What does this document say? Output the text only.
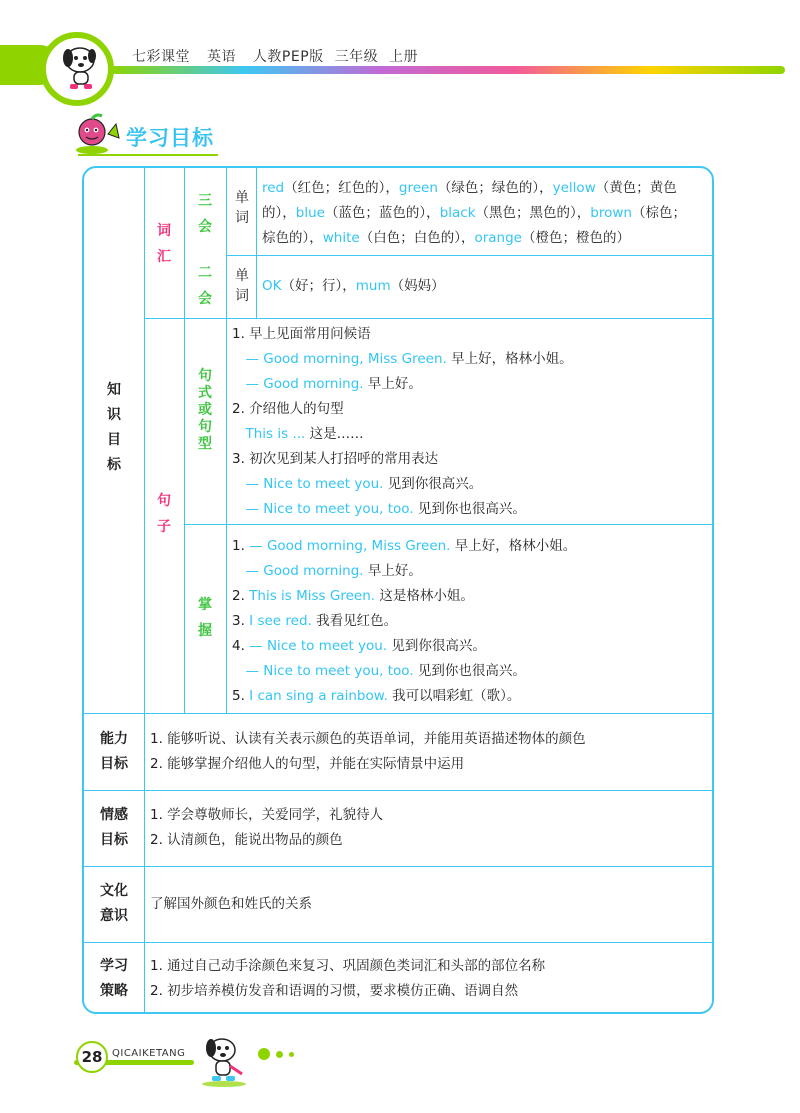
七彩课堂 英语 人教PEP版 三年级 上册
学习目标
知
识
目
标
词
汇
句
子
三
会
二
会
句
式
或
句
型
掌
握
单
词
单
词
red（红色；红色的），green（绿色；绿色的），yellow（黄色；黄色
的），blue（蓝色；蓝色的），black（黑色；黑色的），brown（棕色；
棕色的），white（白色；白色的），orange（橙色；橙色的）
OK（好；行），mum（妈妈）
1. 早上见面常用问候语
　— Good morning, Miss Green. 早上好，格林小姐。
　— Good morning. 早上好。
2. 介绍他人的句型
　This is ... 这是……
3. 初次见到某人打招呼的常用表达
　— Nice to meet you. 见到你很高兴。
　— Nice to meet you, too. 见到你也很高兴。
1. — Good morning, Miss Green. 早上好，格林小姐。
　— Good morning. 早上好。
2. This is Miss Green. 这是格林小姐。
3. I see red. 我看见红色。
4. — Nice to meet you. 见到你很高兴。
　— Nice to meet you, too. 见到你也很高兴。
5. I can sing a rainbow. 我可以唱彩虹（歌）。
能力
目标
情感
目标
文化
意识
学习
策略
1. 能够听说、认读有关表示颜色的英语单词，并能用英语描述物体的颜色
2. 能够掌握介绍他人的句型，并能在实际情景中运用
1. 学会尊敬师长，关爱同学，礼貌待人
2. 认清颜色，能说出物品的颜色
了解国外颜色和姓氏的关系
1. 通过自己动手涂颜色来复习、巩固颜色类词汇和头部的部位名称
2. 初步培养模仿发音和语调的习惯，要求模仿正确、语调自然
28 QICAIKETANG
